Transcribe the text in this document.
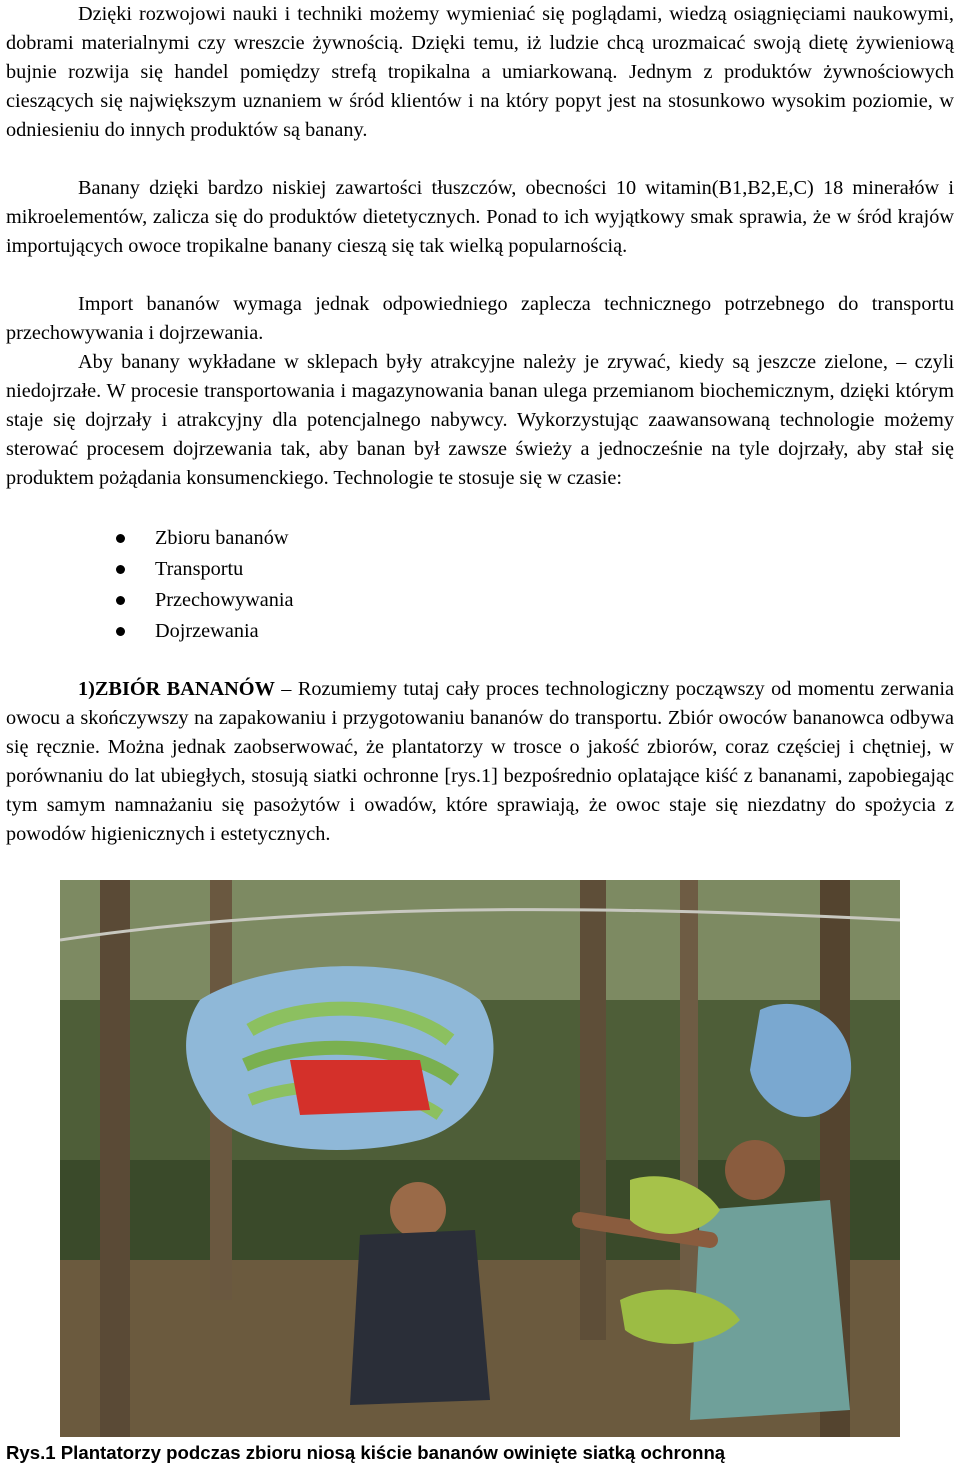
Dzięki rozwojowi nauki i techniki możemy wymieniać się poglądami, wiedzą osiągnięciami naukowymi, dobrami materialnymi czy wreszcie żywnością. Dzięki temu, iż ludzie chcą urozmaicać swoją dietę żywieniową bujnie rozwija się handel pomiędzy strefą tropikalna a umiarkowaną. Jednym z produktów żywnościowych cieszących się największym uznaniem w śród klientów i na który popyt jest na stosunkowo wysokim poziomie, w odniesieniu do innych produktów są banany.

Banany dzięki bardzo niskiej zawartości tłuszczów, obecności 10 witamin(B1,B2,E,C) 18 minerałów i mikroelementów, zalicza się do produktów dietetycznych. Ponad to ich wyjątkowy smak sprawia, że w śród krajów importujących owoce tropikalne banany cieszą się tak wielką popularnością.

Import bananów wymaga jednak odpowiedniego zaplecza technicznego potrzebnego do transportu przechowywania i dojrzewania.

Aby banany wykładane w sklepach były atrakcyjne należy je zrywać, kiedy są jeszcze zielone, – czyli niedojrzałe. W procesie transportowania i magazynowania banan ulega przemianom biochemicznym, dzięki którym staje się dojrzały i atrakcyjny dla potencjalnego nabywcy. Wykorzystując zaawansowaną technologie możemy sterować procesem dojrzewania tak, aby banan był zawsze świeży a jednocześnie na tyle dojrzały, aby stał się produktem pożądania konsumenckiego. Technologie te stosuje się w czasie:

Zbioru bananów
Transportu
Przechowywania
Dojrzewania

1)ZBIÓR BANANÓW – Rozumiemy tutaj cały proces technologiczny począwszy od momentu zerwania owocu a skończywszy na zapakowaniu i przygotowaniu bananów do transportu. Zbiór owoców bananowca odbywa się ręcznie. Można jednak zaobserwować, że plantatorzy w trosce o jakość zbiorów, coraz częściej i chętniej, w porównaniu do lat ubiegłych, stosują siatki ochronne [rys.1] bezpośrednio oplatające kiść z bananami, zapobiegając tym samym namnażaniu się pasożytów i owadów, które sprawiają, że owoc staje się niezdatny do spożycia z powodów higienicznych i estetycznych.

Rys.1 Plantatorzy podczas zbioru niosą kiście bananów owinięte siatką ochronną
